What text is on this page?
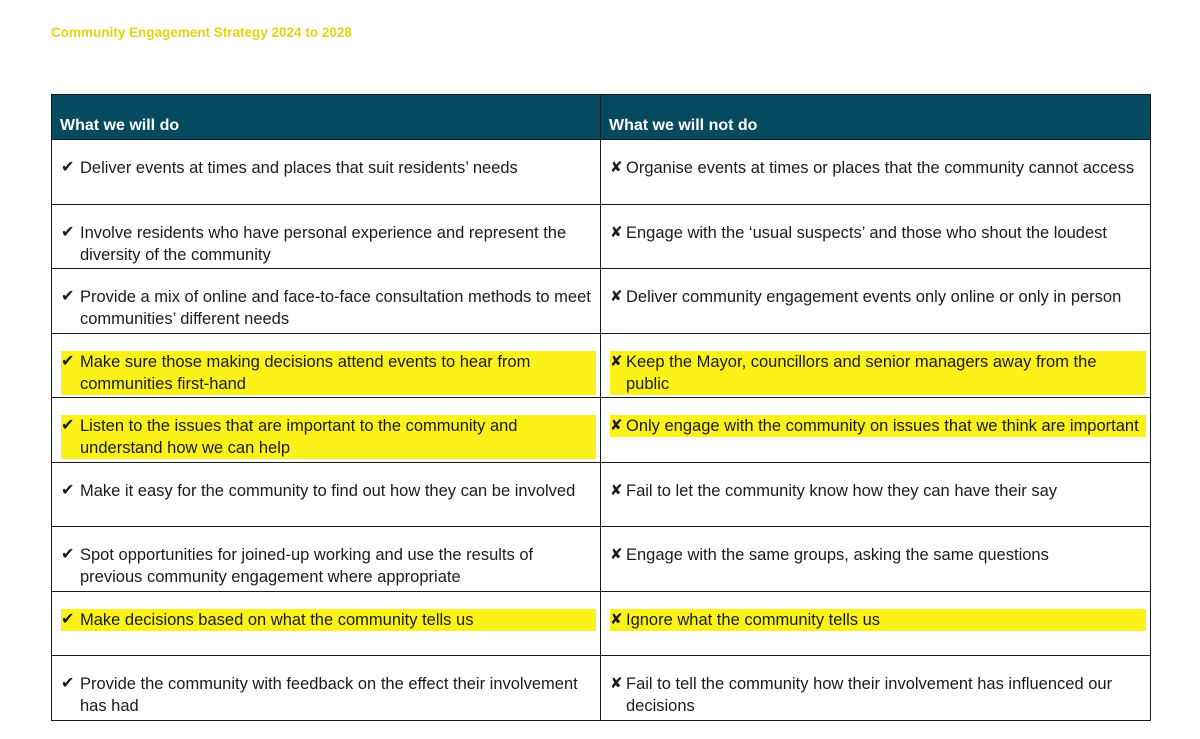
Community Engagement Strategy 2024 to 2028
What we will do	What we will not do

✔ Deliver events at times and places that suit residents’ needs	✘ Organise events at times or places that the community cannot access

✔ Involve residents who have personal experience and represent the diversity of the community	✘ Engage with the ‘usual suspects’ and those who shout the loudest

✔ Provide a mix of online and face-to-face consultation methods to meet communities’ different needs	✘ Deliver community engagement events only online or only in person

✔ Make sure those making decisions attend events to hear from communities first-hand	✘ Keep the Mayor, councillors and senior managers away from the public

✔ Listen to the issues that are important to the community and understand how we can help	✘ Only engage with the community on issues that we think are important

✔ Make it easy for the community to find out how they can be involved	✘ Fail to let the community know how they can have their say

✔ Spot opportunities for joined-up working and use the results of previous community engagement where appropriate	✘ Engage with the same groups, asking the same questions

✔ Make decisions based on what the community tells us	✘ Ignore what the community tells us

✔ Provide the community with feedback on the effect their involvement has had	✘ Fail to tell the community how their involvement has influenced our decisions
